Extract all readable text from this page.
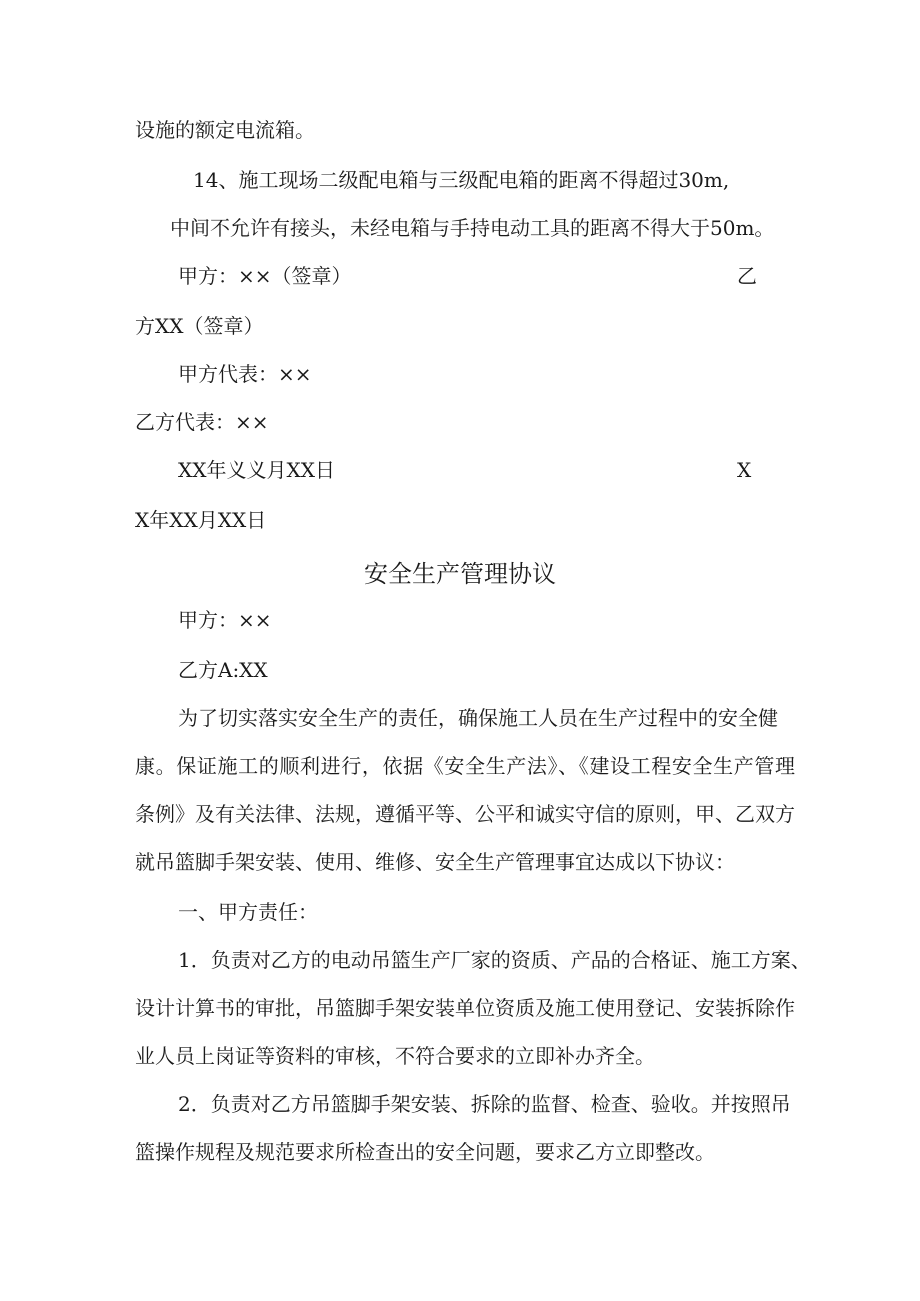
设施的额定电流箱。
14、施工现场二级配电箱与三级配电箱的距离不得超过30m,
中间不允许有接头，未经电箱与手持电动工具的距离不得大于50m。
甲方：××（签章）	乙
方XX（签章）
甲方代表：××
乙方代表：××
XX年义义月XX日	X
X年XX月XX日
安全生产管理协议
甲方：××
乙方A:XX
为了切实落实安全生产的责任，确保施工人员在生产过程中的安全健
康。保证施工的顺利进行，依据《安全生产法》、《建设工程安全生产管理
条例》及有关法律、法规，遵循平等、公平和诚实守信的原则，甲、乙双方
就吊篮脚手架安装、使用、维修、安全生产管理事宜达成以下协议：
一、甲方责任：
1．负责对乙方的电动吊篮生产厂家的资质、产品的合格证、施工方案、
设计计算书的审批，吊篮脚手架安装单位资质及施工使用登记、安装拆除作
业人员上岗证等资料的审核，不符合要求的立即补办齐全。
2．负责对乙方吊篮脚手架安装、拆除的监督、检查、验收。并按照吊
篮操作规程及规范要求所检查出的安全问题，要求乙方立即整改。
